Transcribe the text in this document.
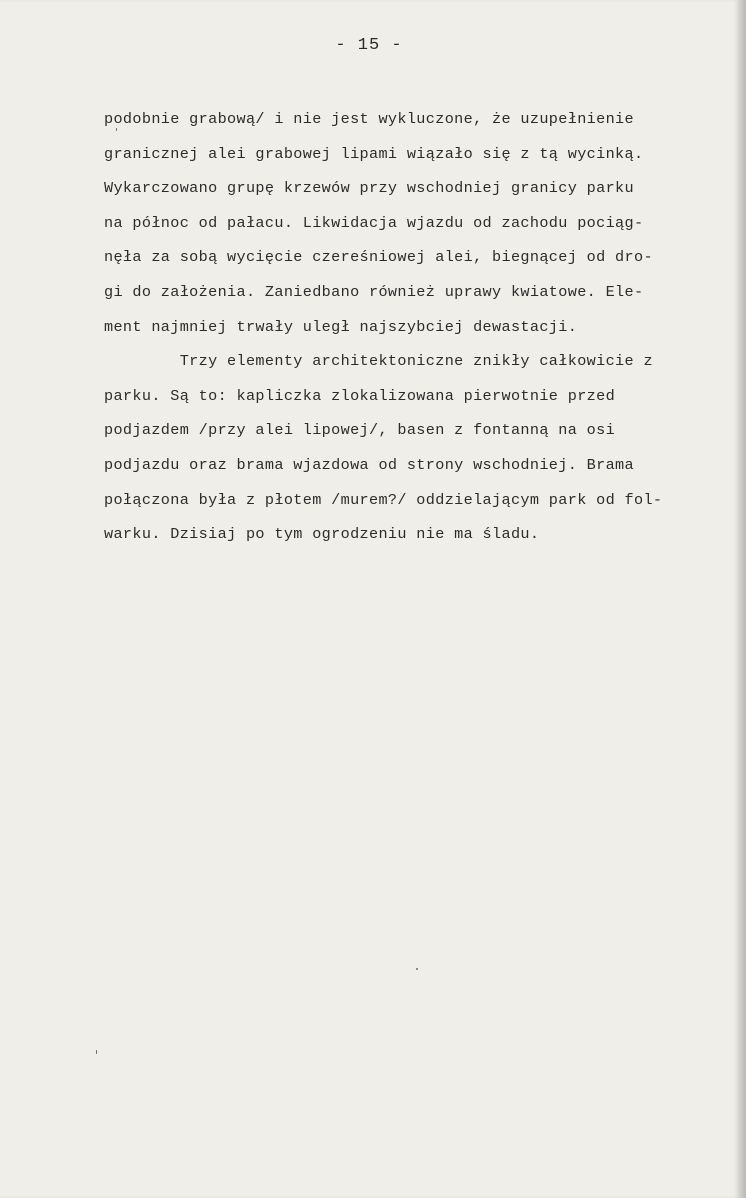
- 15 -
podobnie grabową/ i nie jest wykluczone, że uzupełnienie
granicznej alei grabowej lipami wiązało się z tą wycinką.
Wykarczowano grupę krzewów przy wschodniej granicy parku
na północ od pałacu. Likwidacja wjazdu od zachodu pociąg-
nęła za sobą wycięcie czereśniowej alei, biegnącej od dro-
gi do założenia. Zaniedbano również uprawy kwiatowe. Ele-
ment najmniej trwały uległ najszybciej dewastacji.
Trzy elementy architektoniczne znikły całkowicie z
parku. Są to: kapliczka zlokalizowana pierwotnie przed
podjazdem /przy alei lipowej/, basen z fontanną na osi
podjazdu oraz brama wjazdowa od strony wschodniej. Brama
połączona była z płotem /murem?/ oddzielającym park od fol-
warku. Dzisiaj po tym ogrodzeniu nie ma śladu.
